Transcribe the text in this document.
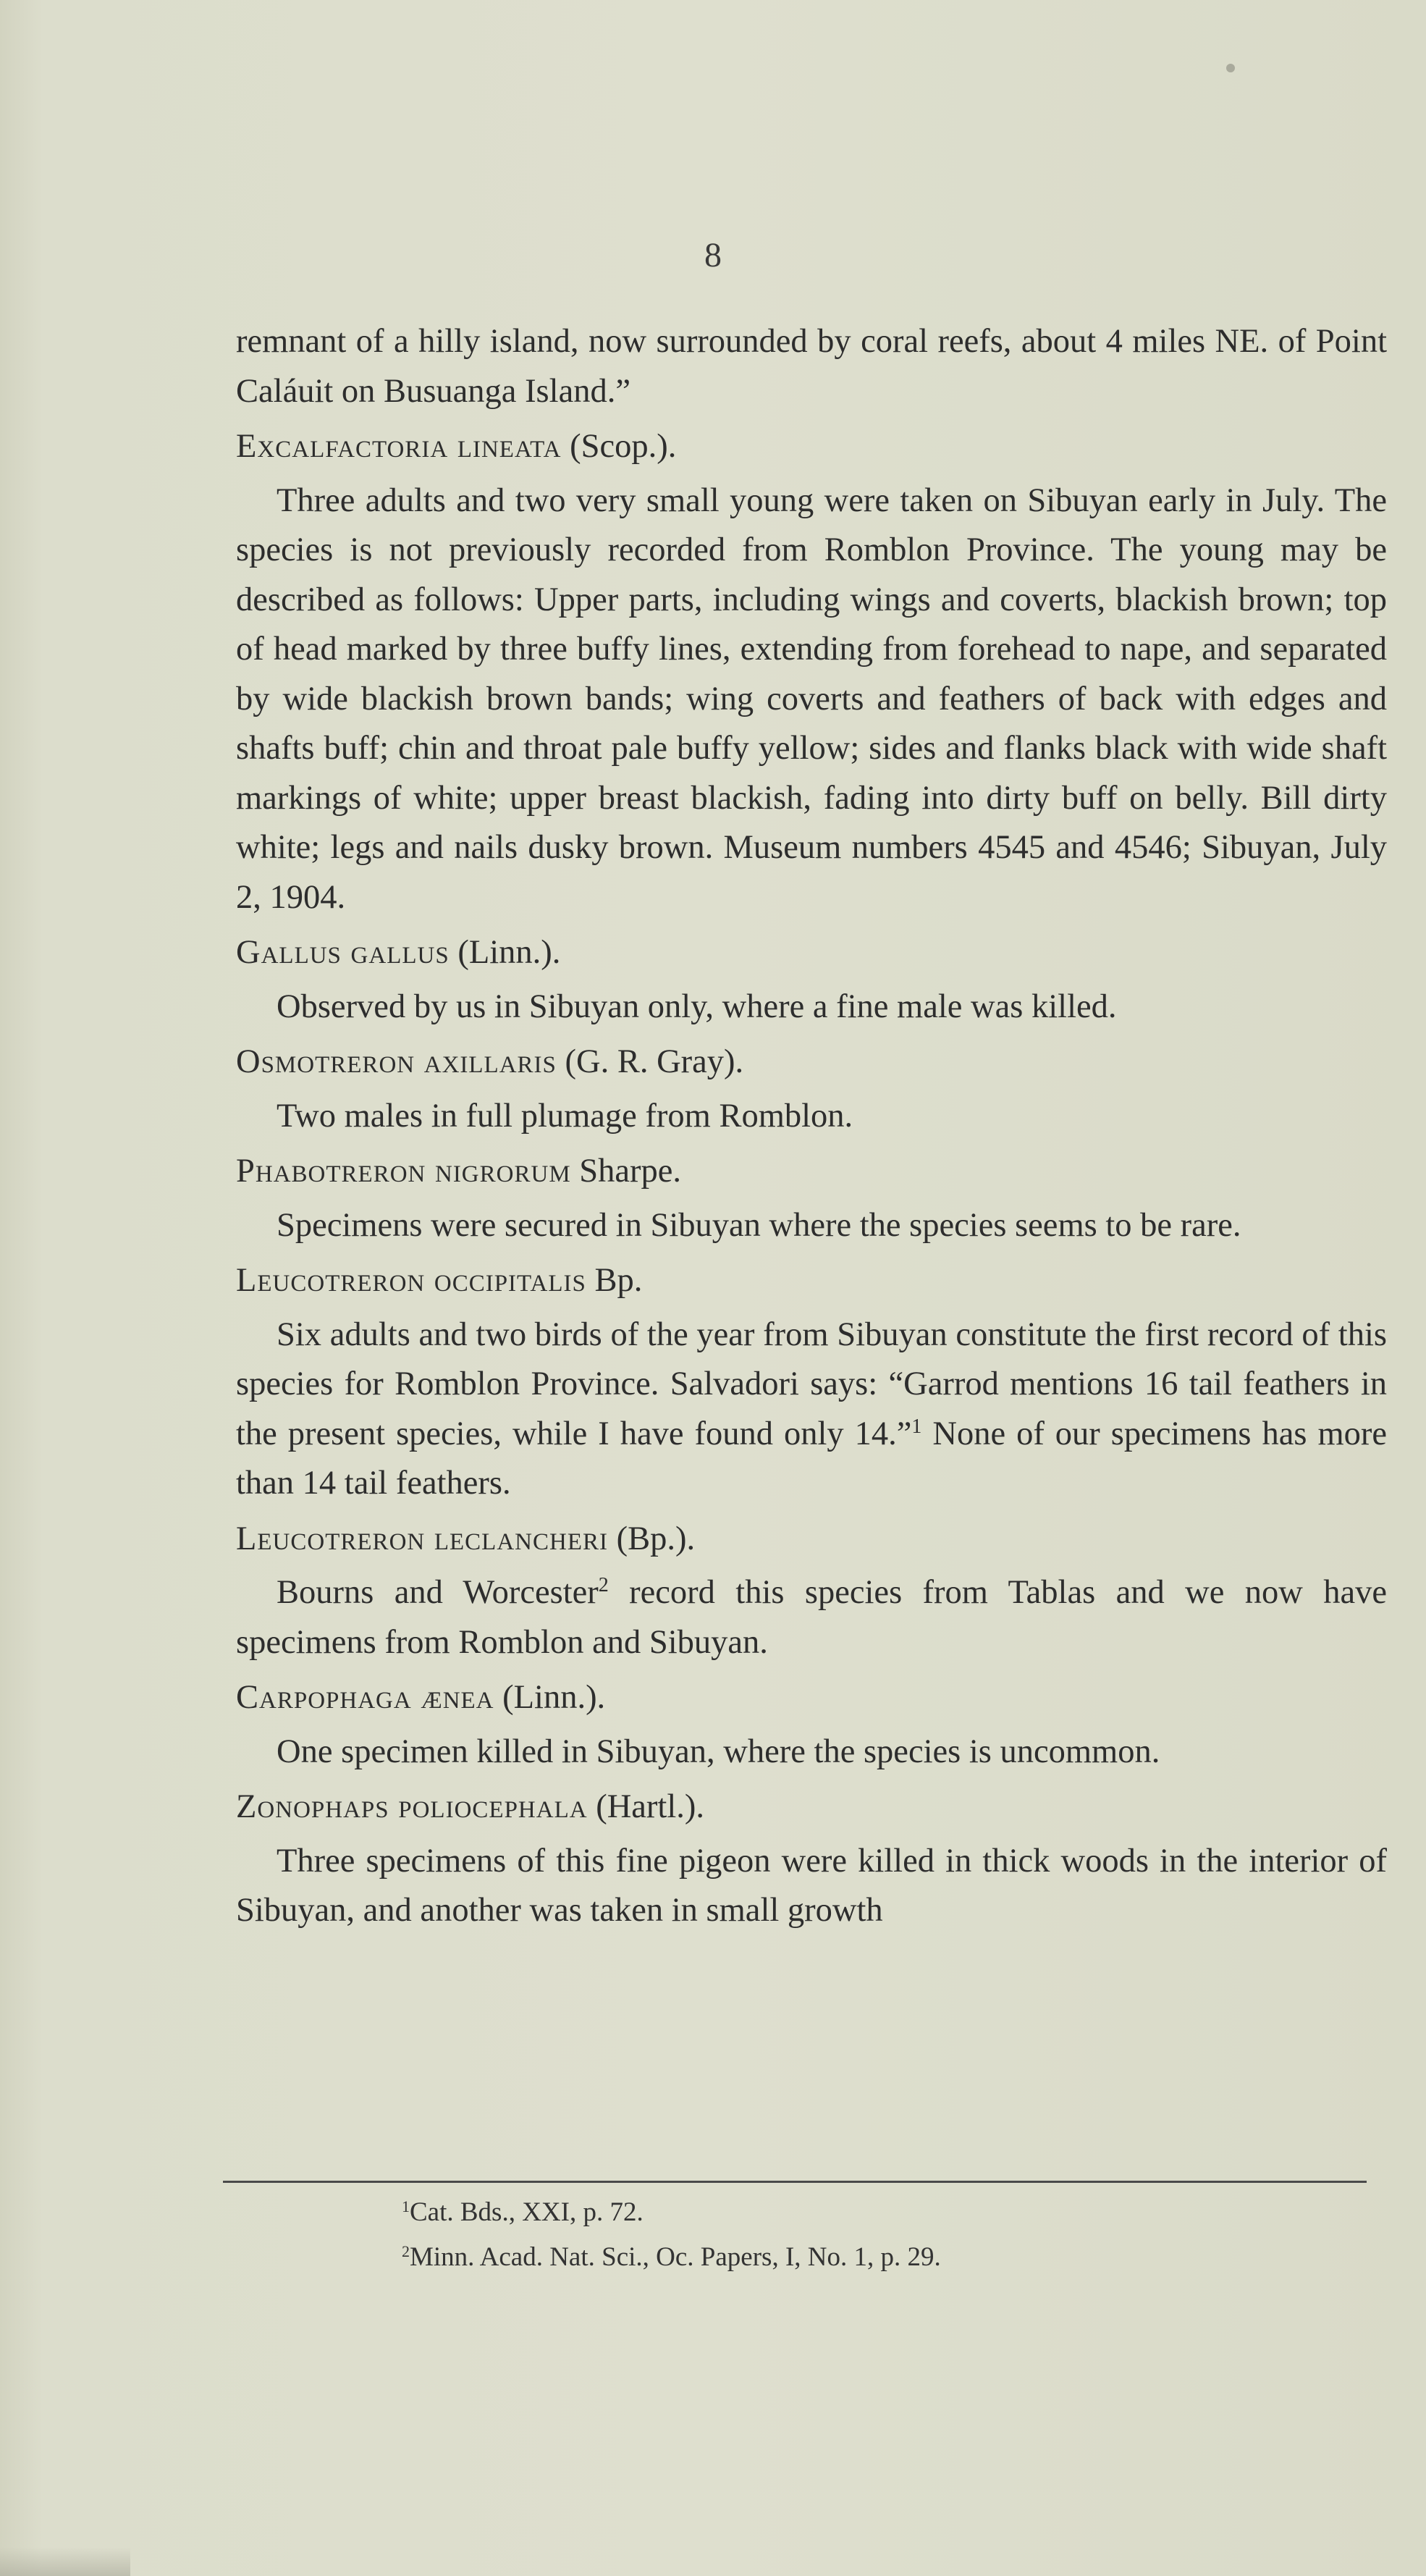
8

remnant of a hilly island, now surrounded by coral reefs, about 4 miles NE. of Point Caláuit on Busuanga Island.”

Excalfactoria lineata (Scop.).

Three adults and two very small young were taken on Sibuyan early in July. The species is not previously recorded from Romblon Province. The young may be described as follows: Upper parts, including wings and coverts, blackish brown; top of head marked by three buffy lines, extending from forehead to nape, and separated by wide blackish brown bands; wing coverts and feathers of back with edges and shafts buff; chin and throat pale buffy yellow; sides and flanks black with wide shaft markings of white; upper breast blackish, fading into dirty buff on belly. Bill dirty white; legs and nails dusky brown. Museum numbers 4545 and 4546; Sibuyan, July 2, 1904.

Gallus gallus (Linn.).

Observed by us in Sibuyan only, where a fine male was killed.

Osmotreron axillaris (G. R. Gray).

Two males in full plumage from Romblon.

Phabotreron nigrorum Sharpe.

Specimens were secured in Sibuyan where the species seems to be rare.

Leucotreron occipitalis Bp.

Six adults and two birds of the year from Sibuyan constitute the first record of this species for Romblon Province. Salvadori says: “Garrod mentions 16 tail feathers in the present species, while I have found only 14.”$^1$ None of our specimens has more than 14 tail feathers.

Leucotreron leclancheri (Bp.).

Bourns and Worcester$^2$ record this species from Tablas and we now have specimens from Romblon and Sibuyan.

Carpophaga ænea (Linn.).

One specimen killed in Sibuyan, where the species is uncommon.

Zonophaps poliocephala (Hartl.).

Three specimens of this fine pigeon were killed in thick woods in the interior of Sibuyan, and another was taken in small growth

$^1$Cat. Bds., XXI, p. 72.

$^2$Minn. Acad. Nat. Sci., Oc. Papers, I, No. 1, p. 29.
